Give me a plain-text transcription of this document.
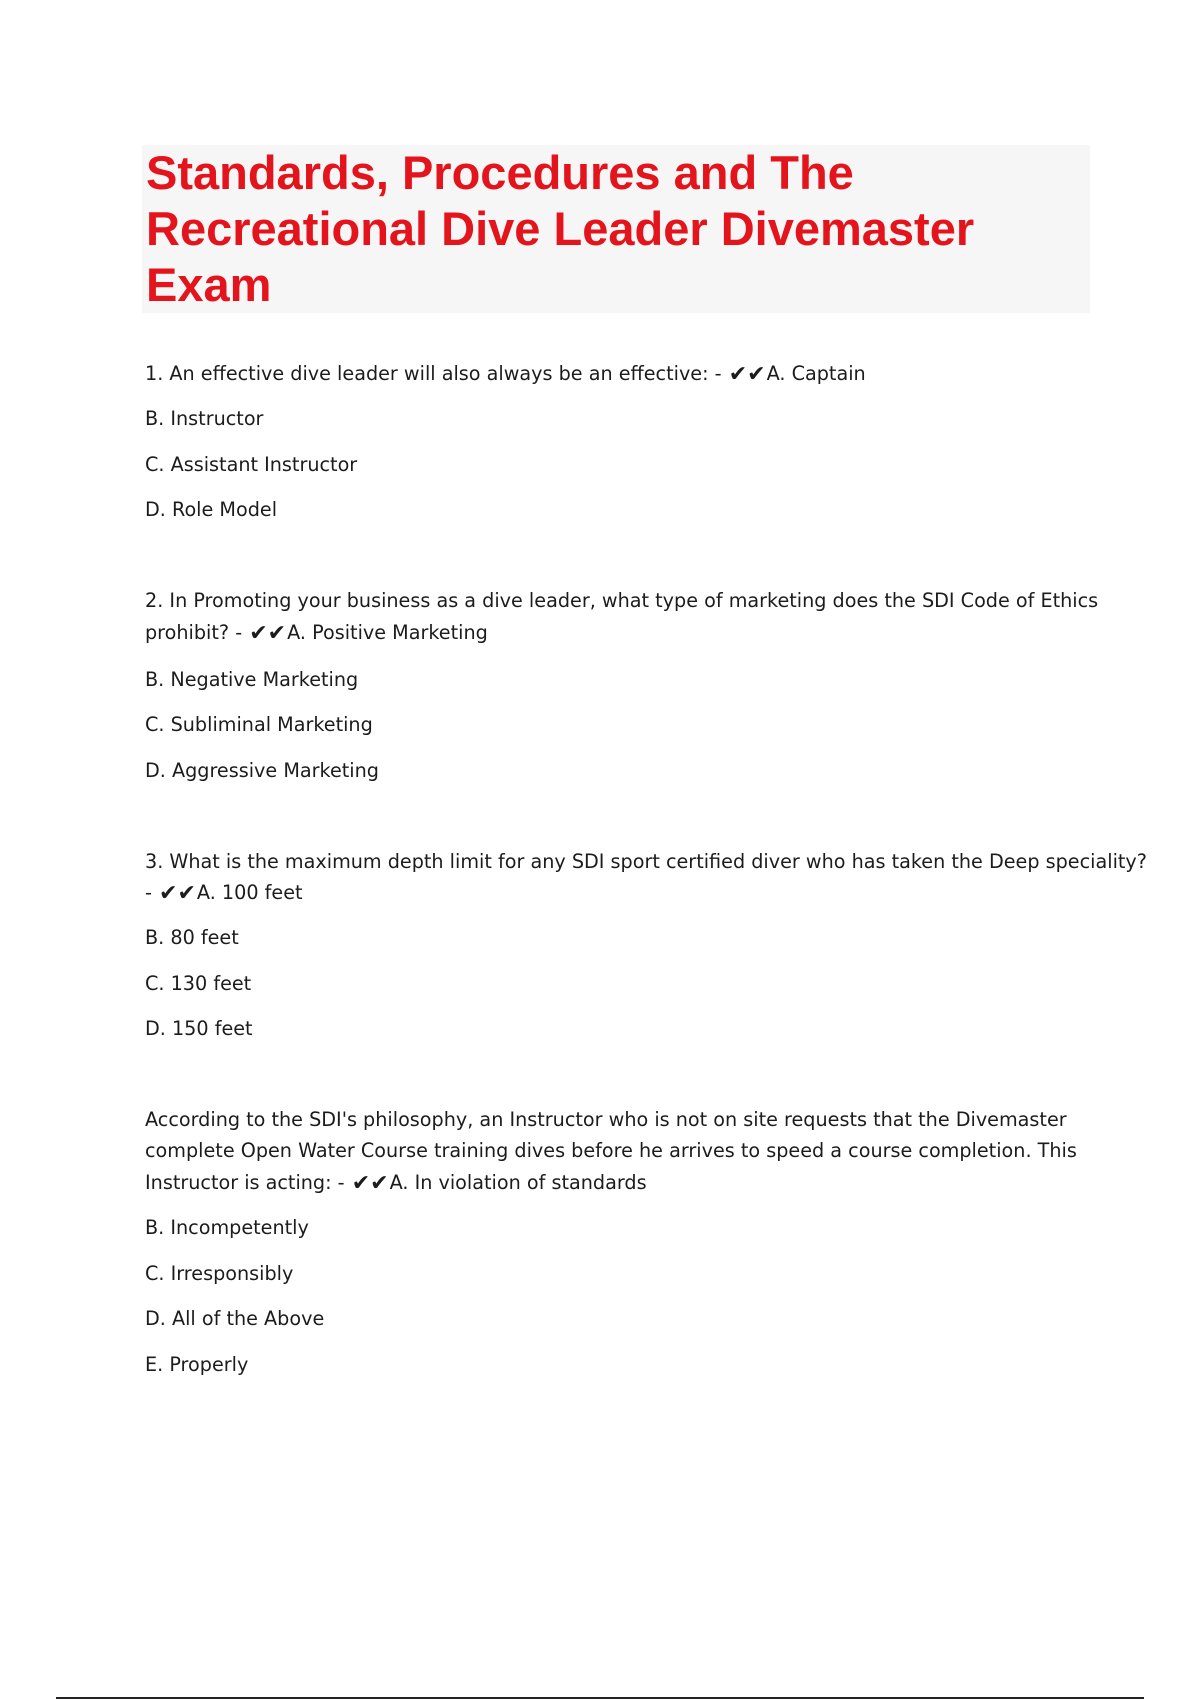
Standards, Procedures and The
Recreational Dive Leader Divemaster
Exam
1. An effective dive leader will also always be an effective: - ✔✔A. Captain
B. Instructor
C. Assistant Instructor
D. Role Model
2. In Promoting your business as a dive leader, what type of marketing does the SDI Code of Ethics
prohibit? - ✔✔A. Positive Marketing
B. Negative Marketing
C. Subliminal Marketing
D. Aggressive Marketing
3. What is the maximum depth limit for any SDI sport certified diver who has taken the Deep speciality?
- ✔✔A. 100 feet
B. 80 feet
C. 130 feet
D. 150 feet
According to the SDI's philosophy, an Instructor who is not on site requests that the Divemaster
complete Open Water Course training dives before he arrives to speed a course completion. This
Instructor is acting: - ✔✔A. In violation of standards
B. Incompetently
C. Irresponsibly
D. All of the Above
E. Properly
